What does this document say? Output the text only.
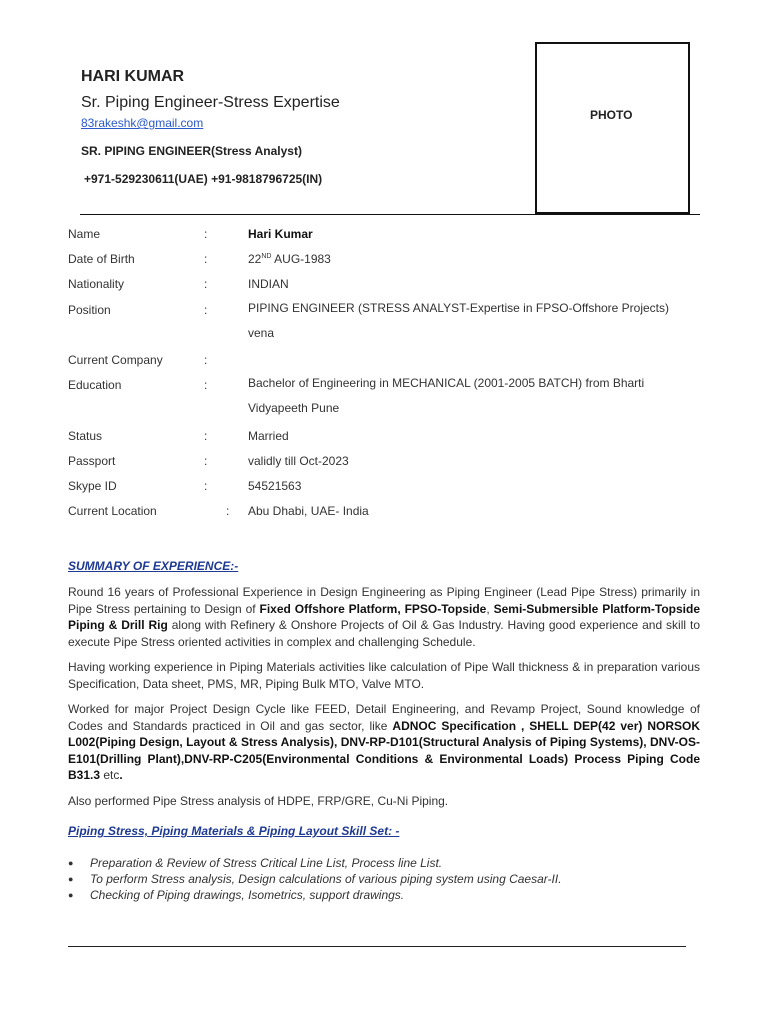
HARI KUMAR
Sr. Piping Engineer-Stress Expertise
83rakeshk@gmail.com
SR. PIPING ENGINEER(Stress Analyst)
+971-529230611(UAE) +91-9818796725(IN)
PHOTO
Name	:	Hari Kumar
Date of Birth	:	22ND AUG-1983
Nationality	:	INDIAN
Position	:	PIPING ENGINEER (STRESS ANALYST-Expertise in FPSO-Offshore Projects) vena
Current Company	:
Education	:	Bachelor of Engineering in MECHANICAL (2001-2005 BATCH) from Bharti Vidyapeeth Pune
Status	:	Married
Passport	:	validly till Oct-2023
Skype ID	:	54521563
Current Location	: Abu Dhabi, UAE- India
SUMMARY OF EXPERIENCE:-
Round 16 years of Professional Experience in Design Engineering as Piping Engineer (Lead Pipe Stress) primarily in Pipe Stress pertaining to Design of Fixed Offshore Platform, FPSO-Topside, Semi-Submersible Platform-Topside Piping & Drill Rig along with Refinery & Onshore Projects of Oil & Gas Industry. Having good experience and skill to execute Pipe Stress oriented activities in complex and challenging Schedule.
Having working experience in Piping Materials activities like calculation of Pipe Wall thickness & in preparation various Specification, Data sheet, PMS, MR, Piping Bulk MTO, Valve MTO.
Worked for major Project Design Cycle like FEED, Detail Engineering, and Revamp Project, Sound knowledge of Codes and Standards practiced in Oil and gas sector, like ADNOC Specification , SHELL DEP(42 ver) NORSOK L002(Piping Design, Layout & Stress Analysis), DNV-RP-D101(Structural Analysis of Piping Systems), DNV-OS-E101(Drilling Plant),DNV-RP-C205(Environmental Conditions & Environmental Loads) Process Piping Code B31.3 etc.
Also performed Pipe Stress analysis of HDPE, FRP/GRE, Cu-Ni Piping.
Piping Stress, Piping Materials & Piping Layout Skill Set: -
●	Preparation & Review of Stress Critical Line List, Process line List.
●	To perform Stress analysis, Design calculations of various piping system using Caesar-II.
●	Checking of Piping drawings, Isometrics, support drawings.
